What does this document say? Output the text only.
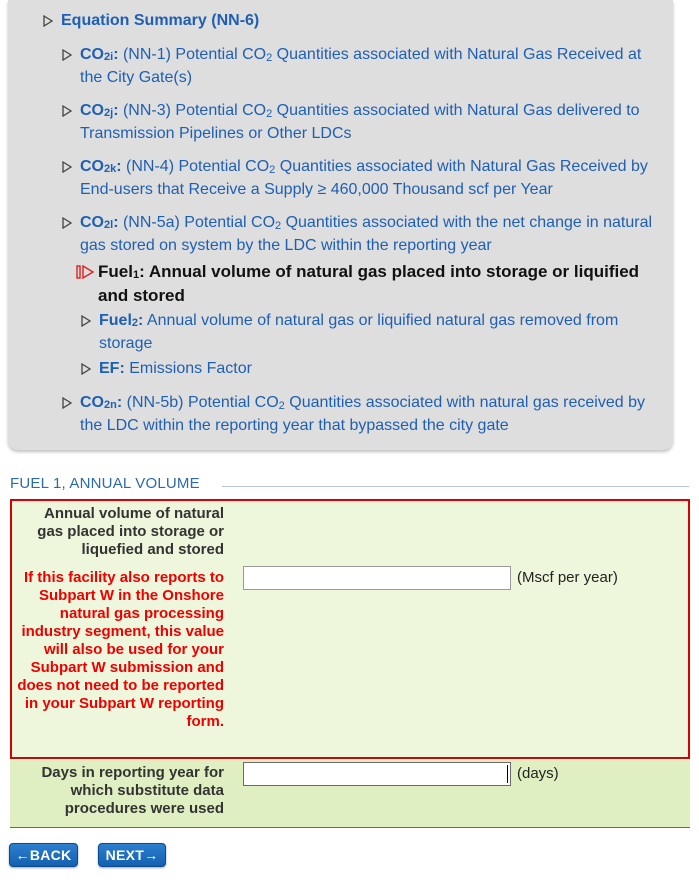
Equation Summary (NN-6)
CO2i: (NN-1) Potential CO2 Quantities associated with Natural Gas Received at the City Gate(s)
CO2j: (NN-3) Potential CO2 Quantities associated with Natural Gas delivered to Transmission Pipelines or Other LDCs
CO2k: (NN-4) Potential CO2 Quantities associated with Natural Gas Received by End-users that Receive a Supply ≥ 460,000 Thousand scf per Year
CO2l: (NN-5a) Potential CO2 Quantities associated with the net change in natural gas stored on system by the LDC within the reporting year
Fuel1: Annual volume of natural gas placed into storage or liquified and stored
Fuel2: Annual volume of natural gas or liquified natural gas removed from storage
EF: Emissions Factor
CO2n: (NN-5b) Potential CO2 Quantities associated with natural gas received by the LDC within the reporting year that bypassed the city gate
FUEL 1, ANNUAL VOLUME
Annual volume of natural gas placed into storage or liquefied and stored
If this facility also reports to Subpart W in the Onshore natural gas processing industry segment, this value will also be used for your Subpart W submission and does not need to be reported in your Subpart W reporting form.
(Mscf per year)
Days in reporting year for which substitute data procedures were used
(days)
←BACK	NEXT→
